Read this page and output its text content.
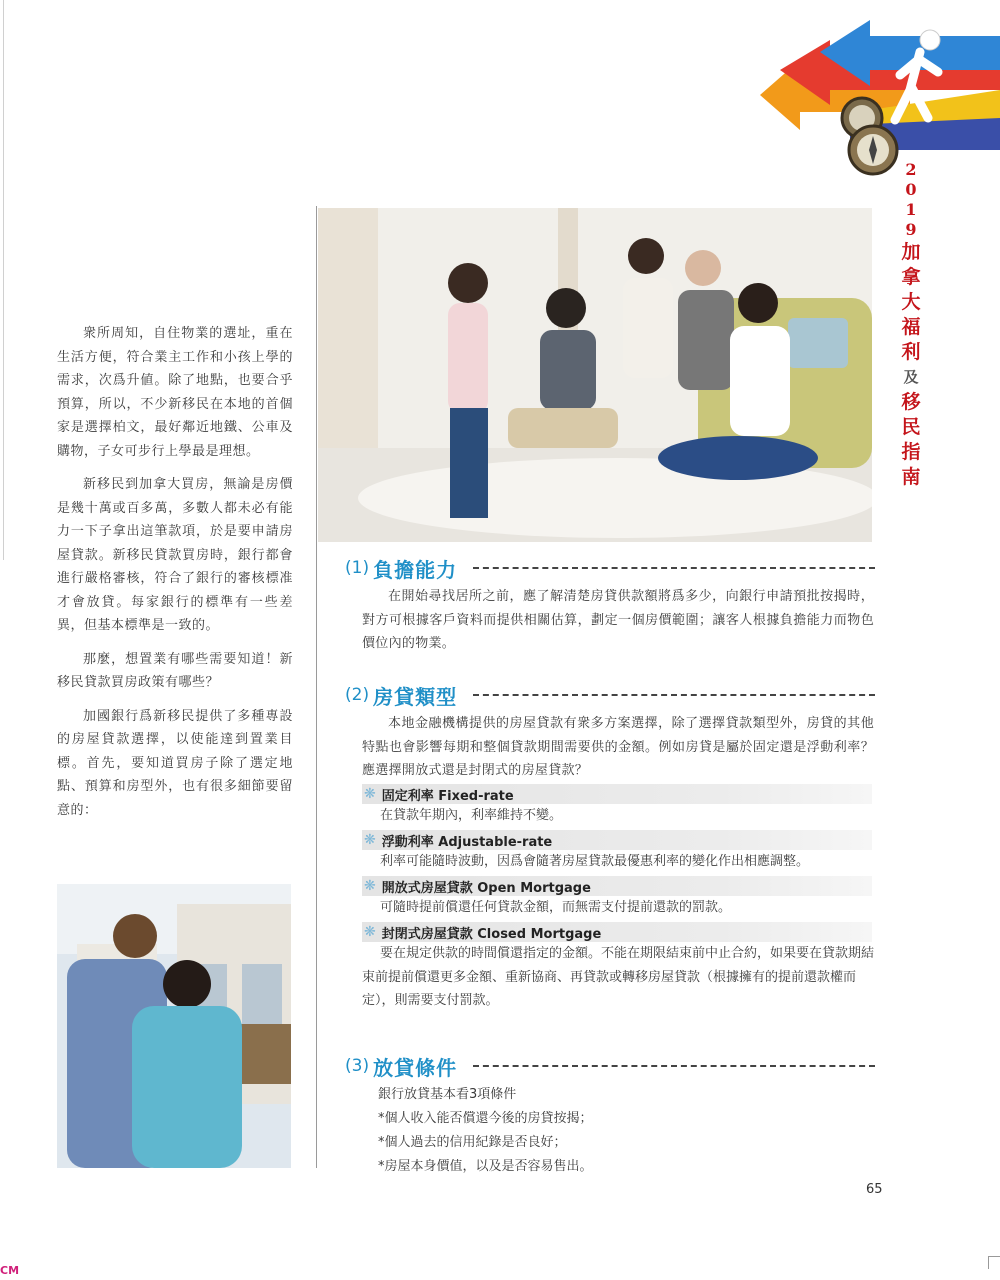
2
0
1
9
加
拿
大
福
利
及
移
民
指
南

衆所周知，自住物業的選址，重在生活方便，符合業主工作和小孩上學的需求，次爲升値。除了地點，也要合乎預算，所以，不少新移民在本地的首個家是選擇柏文，最好鄰近地鐵、公車及購物，子女可步行上學最是理想。

新移民到加拿大買房，無論是房價是幾十萬或百多萬，多數人都未必有能力一下子拿出這筆款項，於是要申請房屋貸款。新移民貸款買房時，銀行都會進行嚴格審核，符合了銀行的審核標准才會放貸。每家銀行的標準有一些差異，但基本標準是一致的。

那麼，想置業有哪些需要知道！新移民貸款買房政策有哪些？

加國銀行爲新移民提供了多種專設的房屋貸款選擇，以使能達到置業目標。首先，要知道買房子除了選定地點、預算和房型外，也有很多細節要留意的：

(1) 負擔能力

在開始尋找居所之前，應了解清楚房貸供款額將爲多少，向銀行申請預批按揭時，對方可根據客戶資料而提供相關估算，劃定一個房價範圍；讓客人根據負擔能力而物色價位內的物業。

(2) 房貸類型

本地金融機構提供的房屋貸款有衆多方案選擇，除了選擇貸款類型外，房貸的其他特點也會影響每期和整個貸款期間需要供的金額。例如房貸是屬於固定還是浮動利率？應選擇開放式還是封閉式的房屋貸款？

❋ 固定利率 Fixed-rate
在貸款年期內，利率維持不變。
❋ 浮動利率 Adjustable-rate
利率可能隨時波動，因爲會隨著房屋貸款最優惠利率的變化作出相應調整。
❋ 開放式房屋貸款 Open Mortgage
可隨時提前償還任何貸款金額，而無需支付提前還款的罰款。
❋ 封閉式房屋貸款 Closed Mortgage
要在規定供款的時間償還指定的金額。不能在期限結束前中止合約，如果要在貸款期結束前提前償還更多金額、重新協商、再貸款或轉移房屋貸款（根據擁有的提前還款權而定），則需要支付罰款。
(3) 放貸條件
銀行放貸基本看3項條件
*個人收入能否償還今後的房貸按揭；
*個人過去的信用紀錄是否良好；
*房屋本身價值，以及是否容易售出。
65
CM
